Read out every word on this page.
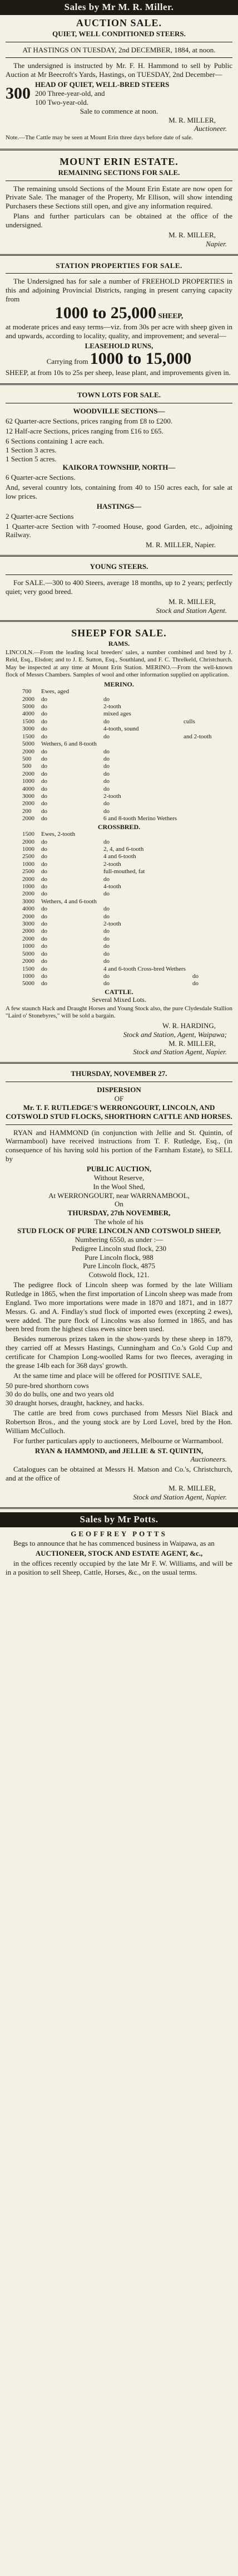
Sales by Mr M. R. Miller.
AUCTION SALE.
QUIET, WELL CONDITIONED STEERS.
AT HASTINGS ON TUESDAY, 2nd DECEMBER, 1884, at noon.

The undersigned is instructed by Mr. F. H. Hammond to sell by Public Auction at Mr Beecroft's Yards, Hastings, on TUESDAY, 2nd December—

300 HEAD OF QUIET, WELL-BRED STEERS
200 Three-year-old, and
100 Two-year-old.
Sale to commence at noon.
M. R. MILLER,
Auctioneer.

Note.—The Cattle may be seen at Mount Erin three days before date of sale.

MOUNT ERIN ESTATE.
REMAINING SECTIONS FOR SALE.

The remaining unsold Sections of the Mount Erin Estate are now open for Private Sale. The manager of the Property, Mr Ellison, will show intending Purchasers these Sections still open, and give any information required.

Plans and further particulars can be obtained at the office of the undersigned.

M. R. MILLER,
Napier.
STATION PROPERTIES FOR SALE.

The Undersigned has for sale a number of FREEHOLD PROPERTIES in this and adjoining Provincial Districts, ranging in present carrying capacity from

1000 to 25,000 SHEEP,

at moderate prices and easy terms—viz. from 30s per acre with sheep given in and upwards, according to locality, quality, and improvement; and several—

LEASEHOLD RUNS,
Carrying from 1000 to 15,000

SHEEP, at from 10s to 25s per sheep, lease plant, and improvements given in.

TOWN LOTS FOR SALE.
WOODVILLE SECTIONS—

62 Quarter-acre Sections, prices ranging from £8 to £200.

12 Half-acre Sections, prices ranging from £16 to £65.

6 Sections containing 1 acre each.
1 Section 3 acres.
1 Section 5 acres.
KAIKORA TOWNSHIP, NORTH—

6 Quarter-acre Sections.

And, several country lots, containing from 40 to 150 acres each, for sale at low prices.

HASTINGS—

2 Quarter-acre Sections

1 Quarter-acre Section with 7-roomed House, good Garden, etc., adjoining Railway.

M. R. MILLER, Napier.
YOUNG STEERS.

For SALE.—300 to 400 Steers, average 18 months, up to 2 years; perfectly quiet; very good breed.

M. R. MILLER,
Stock and Station Agent.
SHEEP FOR SALE.
RAMS.

LINCOLN.—From the leading local breeders' sales, a number combined and bred by J. Reid, Esq., Elsdon; and to J. E. Sutton, Esq., Southland, and F. C. Threlkeld, Christchurch. May be inspected at any time at Mount Erin Station. MERINO.—From the well-known flock of Messrs Chambers. Samples of wool and other information supplied on application.

MERINO.
700	Ewes, aged		
2000	do	do	
5000	do	2-tooth	
4000	do	mixed ages	
1500	do	do	culls
3000	do	4-tooth, sound	
1500	do	do	and 2-tooth
5000	Wethers, 6 and 8-tooth		
2000	do	do	
500	do	do	
500	do	do	
2000	do	do	
1000	do	do	
4000	do	do	
3000	do	2-tooth	
2000	do	do	
200	do	do	
2000	do	6 and 8-tooth Merino Wethers	
CROSSBRED.
1500	Ewes, 2-tooth		
2000	do	do	
1000	do	2, 4, and 6-tooth	
2500	do	4 and 6-tooth	
1000	do	2-tooth	
2500	do	full-mouthed, fat	
2000	do	do	
1000	do	4-tooth	
2000	do	do	
3000	Wethers, 4 and 6-tooth		
4000	do	do	
2000	do	do	
3000	do	2-tooth	
2000	do	do	
2000	do	do	
1000	do	do	
5000	do	do	
2000	do	do	
1500	do	4 and 6-tooth Cross-bred Wethers	
1000	do	do	do
5000	do	do	do
CATTLE.
Several Mixed Lots.

A few staunch Hack and Draught Horses and Young Stock also, the pure Clydesdale Stallion "Laird o' Stonebyres," will be sold a bargain.

W. R. HARDING,
Stock and Station, Agent, Waipawa;
M. R. MILLER,
Stock and Station Agent, Napier.
THURSDAY, NOVEMBER 27.
DISPERSION
OF
Mr. T. F. RUTLEDGE'S WERRONGOURT, LINCOLN, AND COTSWOLD STUD FLOCKS, SHORTHORN CATTLE AND HORSES.

RYAN and HAMMOND (in conjunction with Jellie and St. Quintin, of Warrnambool) have received instructions from T. F. Rutledge, Esq., (in consequence of his having sold his portion of the Farnham Estate), to SELL by

PUBLIC AUCTION,
Without Reserve,
In the Wool Shed,
At WERRONGOURT, near WARRNAMBOOL,
On
THURSDAY, 27th NOVEMBER,
The whole of his
STUD FLOCK OF PURE LINCOLN AND COTSWOLD SHEEP,
Numbering 6550, as under :—
Pedigree Lincoln stud flock, 230
Pure Lincoln flock, 988
Pure Lincoln flock, 4875
Cotswold flock, 121.

The pedigree flock of Lincoln sheep was formed by the late William Rutledge in 1865, when the first importation of Lincoln sheep was made from England. Two more importations were made in 1870 and 1871, and in 1877 Messrs. G. and A. Findlay's stud flock of imported ewes (excepting 2 ewes), were added. The pure flock of Lincolns was also formed in 1865, and has been bred from the highest class ewes since been used.

Besides numerous prizes taken in the show-yards by these sheep in 1879, they carried off at Messrs Hastings, Cunningham and Co.'s Gold Cup and certificate for Champion Long-woolled Rams for two fleeces, averaging in the grease 14lb each for 368 days' growth.

At the same time and place will be offered for POSITIVE SALE,

50 pure-bred shorthorn cows
30 do do bulls, one and two years old
30 draught horses, draught, hackney, and hacks.

The cattle are bred from cows purchased from Messrs Niel Black and Robertson Bros., and the young stock are by Lord Lovel, bred by the Hon. William McCulloch.

For further particulars apply to auctioneers, Melbourne or Warrnambool.

RYAN & HAMMOND, and JELLIE & ST. QUINTIN,
Auctioneers.

Catalogues can be obtained at Messrs H. Matson and Co.'s, Christchurch, and at the office of

M. R. MILLER,
Stock and Station Agent, Napier.
Sales by Mr Potts.
GEOFFREY POTTS

Begs to announce that he has commenced business in Waipawa, as an

AUCTIONEER, STOCK AND ESTATE AGENT, &c.,

in the offices recently occupied by the late Mr F. W. Williams, and will be in a position to sell Sheep, Cattle, Horses, &c., on the usual terms.
